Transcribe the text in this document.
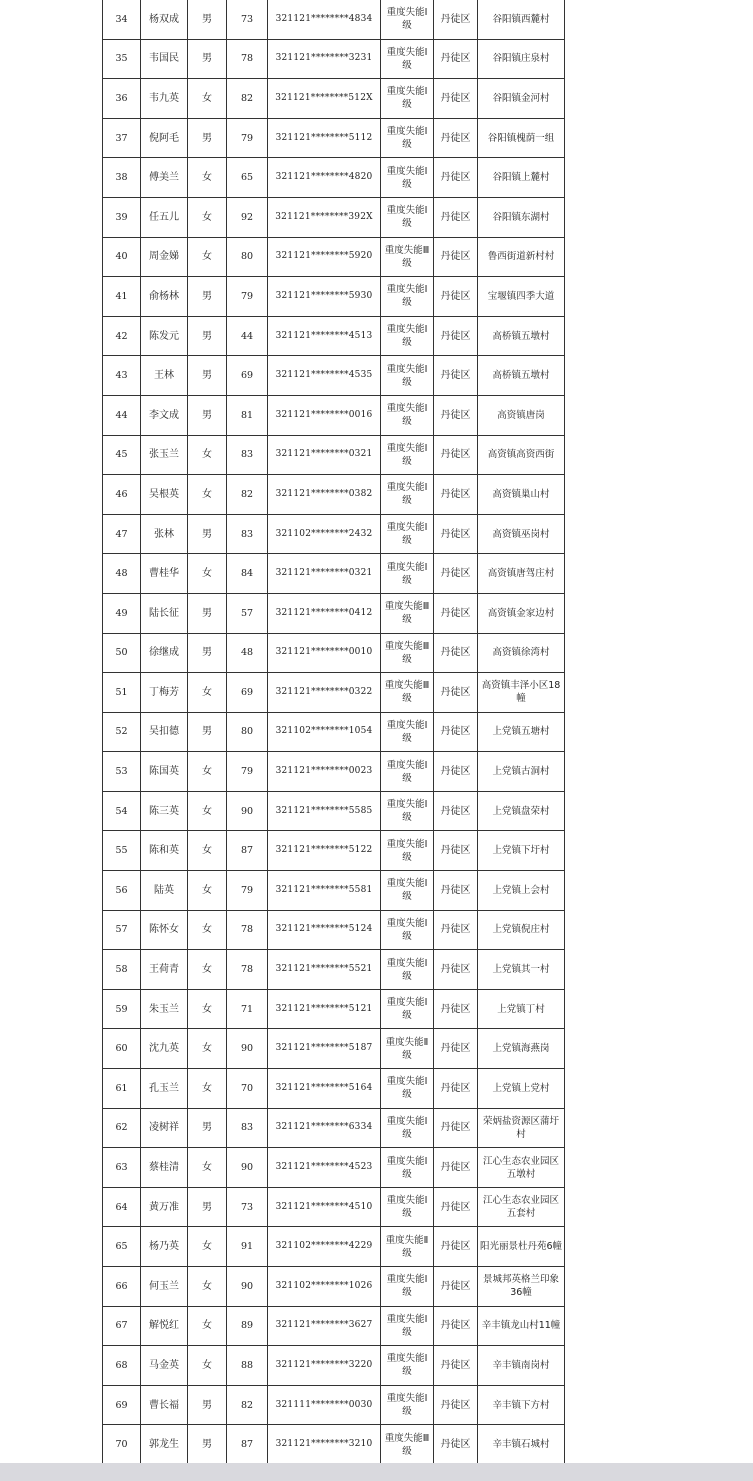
34	杨双成	男	73	321121********4834	重度失能Ⅰ级	丹徒区	谷阳镇西麓村
35	韦国民	男	78	321121********3231	重度失能Ⅰ级	丹徒区	谷阳镇庄泉村
36	韦九英	女	82	321121********512X	重度失能Ⅰ级	丹徒区	谷阳镇金河村
37	倪阿毛	男	79	321121********5112	重度失能Ⅰ级	丹徒区	谷阳镇槐荫一组
38	傅美兰	女	65	321121********4820	重度失能Ⅰ级	丹徒区	谷阳镇上麓村
39	任五儿	女	92	321121********392X	重度失能Ⅰ级	丹徒区	谷阳镇东湖村
40	周金娣	女	80	321121********5920	重度失能Ⅲ级	丹徒区	鲁西街道新村村
41	俞杨林	男	79	321121********5930	重度失能Ⅰ级	丹徒区	宝堰镇四季大道
42	陈发元	男	44	321121********4513	重度失能Ⅰ级	丹徒区	高桥镇五墩村
43	王林	男	69	321121********4535	重度失能Ⅰ级	丹徒区	高桥镇五墩村
44	李文成	男	81	321121********0016	重度失能Ⅰ级	丹徒区	高资镇唐岗
45	张玉兰	女	83	321121********0321	重度失能Ⅰ级	丹徒区	高资镇高资西街
46	吴根英	女	82	321121********0382	重度失能Ⅰ级	丹徒区	高资镇巢山村
47	张林	男	83	321102********2432	重度失能Ⅰ级	丹徒区	高资镇巫岗村
48	曹桂华	女	84	321121********0321	重度失能Ⅰ级	丹徒区	高资镇唐驾庄村
49	陆长征	男	57	321121********0412	重度失能Ⅲ级	丹徒区	高资镇金家边村
50	徐继成	男	48	321121********0010	重度失能Ⅲ级	丹徒区	高资镇徐湾村
51	丁梅芳	女	69	321121********0322	重度失能Ⅲ级	丹徒区	高资镇丰泽小区18幢
52	吴扣德	男	80	321102********1054	重度失能Ⅰ级	丹徒区	上党镇五塘村
53	陈国英	女	79	321121********0023	重度失能Ⅰ级	丹徒区	上党镇古洞村
54	陈三英	女	90	321121********5585	重度失能Ⅰ级	丹徒区	上党镇盘荣村
55	陈和英	女	87	321121********5122	重度失能Ⅰ级	丹徒区	上党镇下圩村
56	陆英	女	79	321121********5581	重度失能Ⅰ级	丹徒区	上党镇上会村
57	陈怀女	女	78	321121********5124	重度失能Ⅰ级	丹徒区	上党镇倪庄村
58	王荷青	女	78	321121********5521	重度失能Ⅰ级	丹徒区	上党镇其一村
59	朱玉兰	女	71	321121********5121	重度失能Ⅰ级	丹徒区	上党镇丁村
60	沈九英	女	90	321121********5187	重度失能Ⅱ级	丹徒区	上党镇海燕岗
61	孔玉兰	女	70	321121********5164	重度失能Ⅰ级	丹徒区	上党镇上党村
62	凌树祥	男	83	321121********6334	重度失能Ⅰ级	丹徒区	荣炳盐资源区蒲圩村
63	蔡桂清	女	90	321121********4523	重度失能Ⅰ级	丹徒区	江心生态农业园区五墩村
64	黄万准	男	73	321121********4510	重度失能Ⅰ级	丹徒区	江心生态农业园区五套村
65	杨乃英	女	91	321102********4229	重度失能Ⅱ级	丹徒区	阳光丽景杜丹苑6幢
66	何玉兰	女	90	321102********1026	重度失能Ⅰ级	丹徒区	景城邦英格兰印象36幢
67	解悦红	女	89	321121********3627	重度失能Ⅰ级	丹徒区	辛丰镇龙山村11幢
68	马金英	女	88	321121********3220	重度失能Ⅰ级	丹徒区	辛丰镇南岗村
69	曹长福	男	82	321111********0030	重度失能Ⅰ级	丹徒区	辛丰镇下方村
70	郭龙生	男	87	321121********3210	重度失能Ⅲ级	丹徒区	辛丰镇石城村
